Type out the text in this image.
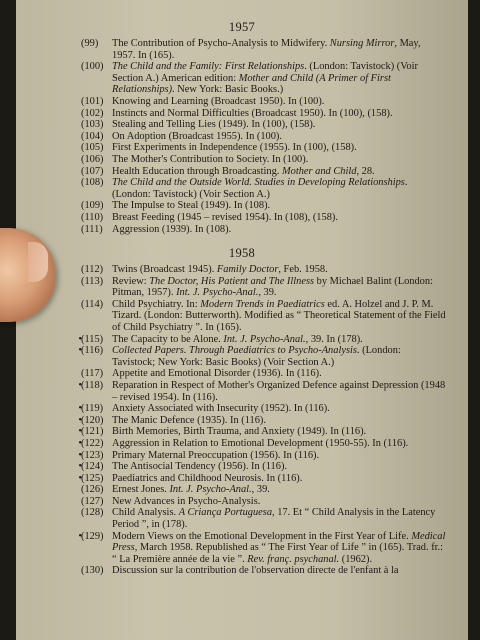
1957
(99) The Contribution of Psycho-Analysis to Midwifery. Nursing Mirror, May, 1957. In (165).
(100) The Child and the Family: First Relationships. (London: Tavistock) (Voir Section A.) American edition: Mother and Child (A Primer of First Relationships). New York: Basic Books.)
(101) Knowing and Learning (Broadcast 1950). In (100).
(102) Instincts and Normal Difficulties (Broadcast 1950). In (100), (158).
(103) Stealing and Telling Lies (1949). In (100), (158).
(104) On Adoption (Broadcast 1955). In (100).
(105) First Experiments in Independence (1955). In (100), (158).
(106) The Mother's Contribution to Society. In (100).
(107) Health Education through Broadcasting. Mother and Child, 28.
(108) The Child and the Outside World. Studies in Developing Relationships. (London: Tavistock) (Voir Section A.)
(109) The Impulse to Steal (1949). In (108).
(110) Breast Feeding (1945 – revised 1954). In (108), (158).
(111) Aggression (1939). In (108).
1958
(112) Twins (Broadcast 1945). Family Doctor, Feb. 1958.
(113) Review: The Doctor, His Patient and The Illness by Michael Balint (London: Pitman, 1957). Int. J. Psycho-Anal., 39.
(114) Child Psychiatry. In: Modern Trends in Paediatrics ed. A. Holzel and J. P. M. Tizard. (London: Butterworth). Modified as “ Theoretical Statement of the Field of Child Psychiatry ”. In (165).
• (115) The Capacity to be Alone. Int. J. Psycho-Anal., 39. In (178).
• (116) Collected Papers. Through Paediatrics to Psycho-Analysis. (London: Tavistock; New York: Basic Books) (Voir Section A.)
(117) Appetite and Emotional Disorder (1936). In (116).
• (118) Reparation in Respect of Mother's Organized Defence against Depression (1948 – revised 1954). In (116).
• (119) Anxiety Associated with Insecurity (1952). In (116).
• (120) The Manic Defence (1935). In (116).
• (121) Birth Memories, Birth Trauma, and Anxiety (1949). In (116).
• (122) Aggression in Relation to Emotional Development (1950-55). In (116).
• (123) Primary Maternal Preoccupation (1956). In (116).
• (124) The Antisocial Tendency (1956). In (116).
• (125) Paediatrics and Childhood Neurosis. In (116).
(126) Ernest Jones. Int. J. Psycho-Anal., 39.
(127) New Advances in Psycho-Analysis.
(128) Child Analysis. A Criança Portuguesa, 17. Et “ Child Analysis in the Latency Period ”, in (178).
• (129) Modern Views on the Emotional Development in the First Year of Life. Medical Press, March 1958. Republished as “ The First Year of Life ” in (165). Trad. fr.: “ La Première année de la vie ”. Rev. franç. psychanal. (1962).
(130) Discussion sur la contribution de l'observation directe de l'enfant à la
